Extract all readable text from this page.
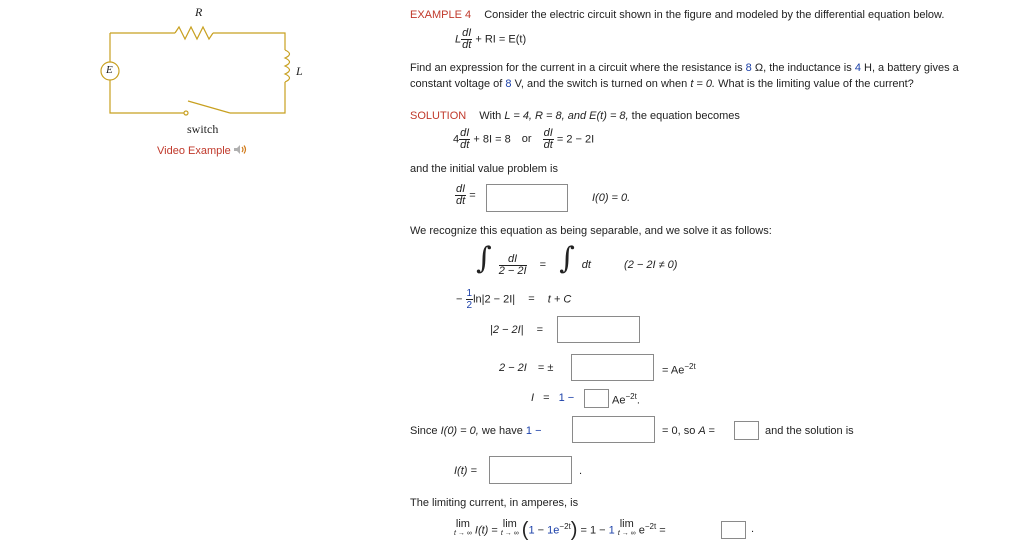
R
L
E
switch
Video Example
EXAMPLE 4 Consider the electric circuit shown in the figure and modeled by the differential equation below.
L $\frac{dI}{dt}$ + RI = E(t)
Find an expression for the current in a circuit where the resistance is 8 Ω, the inductance is 4 H, a battery gives a
constant voltage of 8 V, and the switch is turned on when t = 0. What is the limiting value of the current?
SOLUTION With L = 4, R = 8, and E(t) = 8, the equation becomes
$4 \frac{dI}{dt} + 8I = 8$ or $\frac{dI}{dt} = 2 - 2I$
and the initial value problem is
$\frac{dI}{dt}$ =	I(0) = 0.
We recognize this equation as being separable, and we solve it as follows:
∫ $\frac{dI}{2 - 2I}$ = ∫ dt	(2 − 2I ≠ 0)
− $\frac{1}{2} \ln|2 - 2I| = t + C$
|2 − 2I| =
2 − 2I = ±	= $Ae^{-2t}$
I = 1 −	$Ae^{-2t}$.
Since I(0) = 0, we have 1 −	= 0, so A =	and the solution is
I(t) =	.
The limiting current, in amperes, is
lim
t → ∞ I(t) = lim
t → ∞ $(1 - 1e^{-2t}) = 1 - 1$ lim
t → ∞ $e^{-2t}$ =	.
